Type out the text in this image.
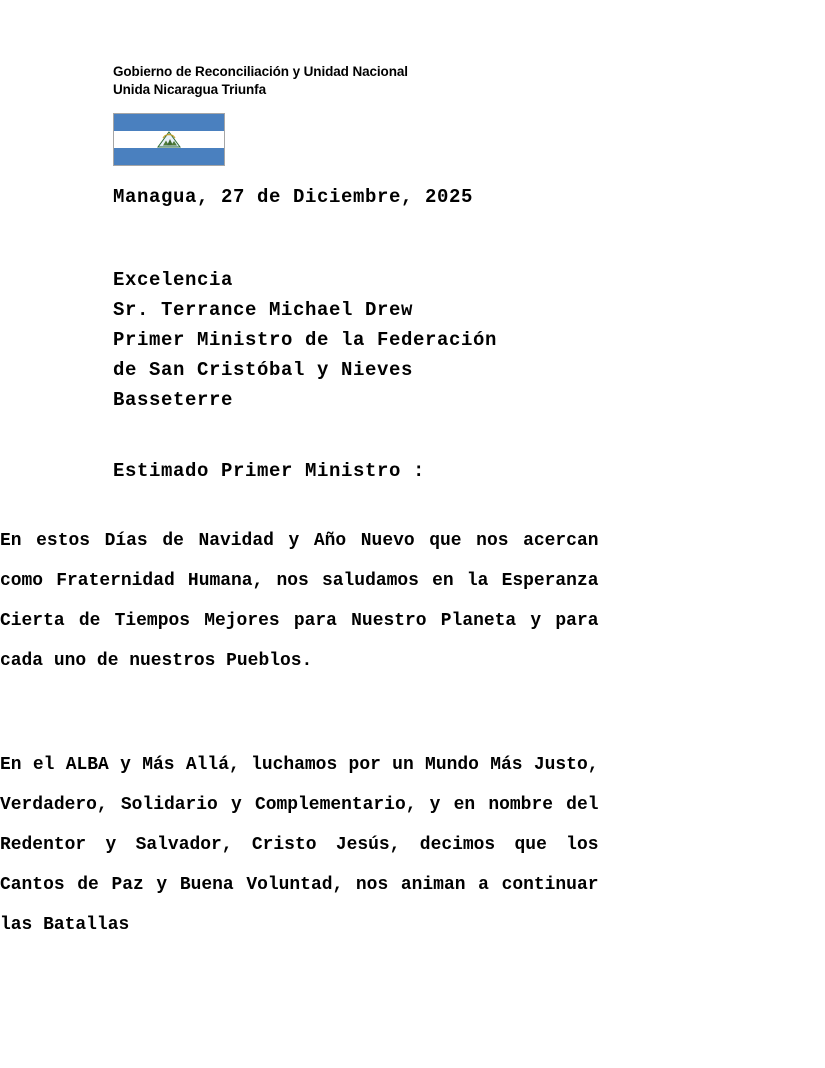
Gobierno de Reconciliación y Unidad Nacional
Unida Nicaragua Triunfa
Managua, 27 de Diciembre, 2025
Excelencia
Sr. Terrance Michael Drew
Primer Ministro de la Federación
de San Cristóbal y Nieves
Basseterre
Estimado Primer Ministro :

En estos Días de Navidad y Año Nuevo que nos acercan como Fraternidad Humana, nos saludamos en la Esperanza Cierta de Tiempos Mejores para Nuestro Planeta y para cada uno de nuestros Pueblos.

En el ALBA y Más Allá, luchamos por un Mundo Más Justo, Verdadero, Solidario y Complementario, y en nombre del Redentor y Salvador, Cristo Jesús, decimos que los Cantos de Paz y Buena Voluntad, nos animan a continuar las Batallas
